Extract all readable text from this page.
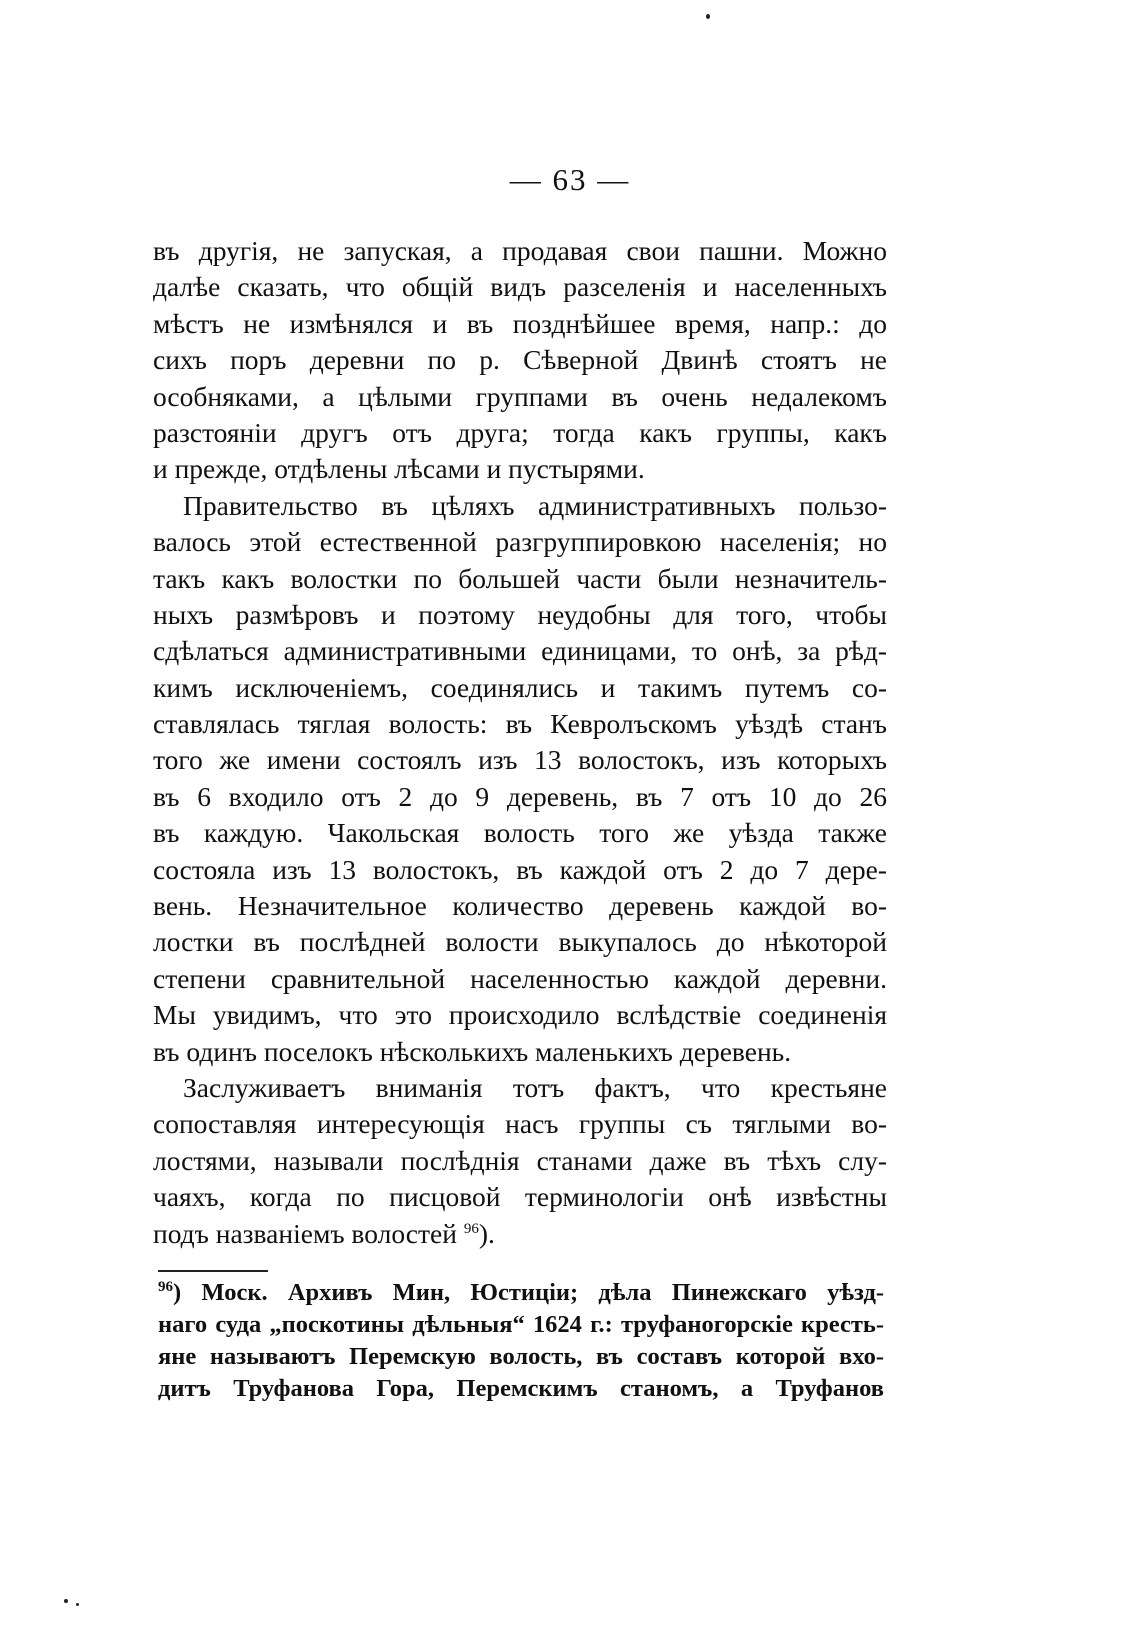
— 63 —
въ другія, не запуская, а продавая свои пашни. Можно
далѣе сказать, что общій видъ разселенія и населенныхъ
мѣстъ не измѣнялся и въ позднѣйшее время, напр.: до
сихъ поръ деревни по р. Сѣверной Двинѣ стоятъ не
особняками, а цѣлыми группами въ очень недалекомъ
разстояніи другъ отъ друга; тогда какъ группы, какъ
и прежде, отдѣлены лѣсами и пустырями.
Правительство въ цѣляхъ административныхъ пользо-
валось этой естественной разгруппировкою населенія; но
такъ какъ волостки по большей части были незначитель-
ныхъ размѣровъ и поэтому неудобны для того, чтобы
сдѣлаться административными единицами, то онѣ, за рѣд-
кимъ исключеніемъ, соединялись и такимъ путемъ со-
ставлялась тяглая волость: въ Кевролъскомъ уѣздѣ станъ
того же имени состоялъ изъ 13 волостокъ, изъ которыхъ
въ 6 входило отъ 2 до 9 деревень, въ 7 отъ 10 до 26
въ каждую. Чакольская волость того же уѣзда также
состояла изъ 13 волостокъ, въ каждой отъ 2 до 7 дере-
вень. Незначительное количество деревень каждой во-
лостки въ послѣдней волости выкупалось до нѣкоторой
степени сравнительной населенностью каждой деревни.
Мы увидимъ, что это происходило вслѣдствіе соединенія
въ одинъ поселокъ нѣсколькихъ маленькихъ деревень.
Заслуживаетъ вниманія тотъ фактъ, что крестьяне
сопоставляя интересующія насъ группы съ тяглыми во-
лостями, называли послѣднія станами даже въ тѣхъ слу-
чаяхъ, когда по писцовой терминологіи онѣ извѣстны
подъ названіемъ волостей $^{96}$).
$^{96}$) Моск. Архивъ Мин, Юстиціи; дѣла Пинежскаго уѣзд-
наго суда „поскотины дѣльныя“ 1624 г.: труфаногорскіе кресть-
яне называютъ Перемскую волость, въ составъ которой вхо-
дитъ Труфанова Гора, Перемскимъ станомъ, а Труфанов
